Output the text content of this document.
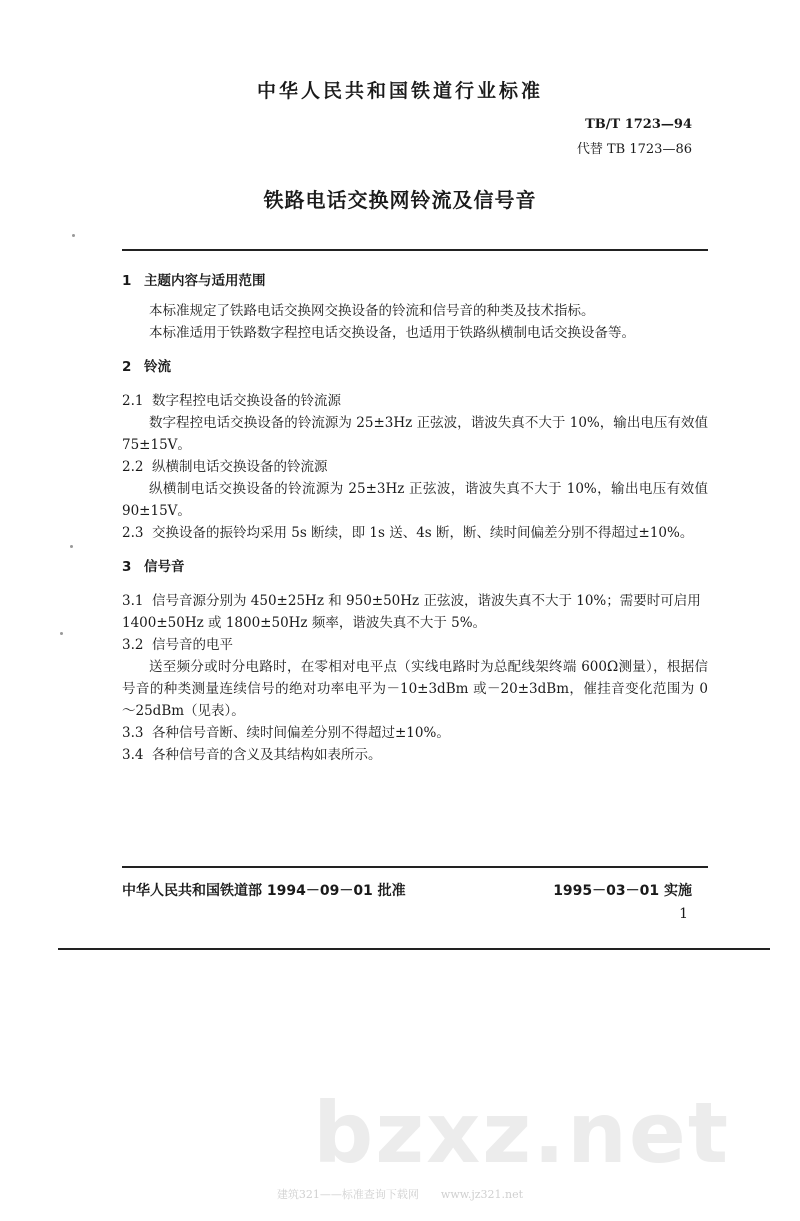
中华人民共和国铁道行业标准
TB/T 1723—94
代替 TB 1723—86
铁路电话交换网铃流及信号音

1 主题内容与适用范围

本标准规定了铁路电话交换网交换设备的铃流和信号音的种类及技术指标。

本标准适用于铁路数字程控电话交换设备，也适用于铁路纵横制电话交换设备等。

2 铃流

2.1 数字程控电话交换设备的铃流源

数字程控电话交换设备的铃流源为 25±3Hz 正弦波，谐波失真不大于 10%，输出电压有效值 75±15V。

2.2 纵横制电话交换设备的铃流源

纵横制电话交换设备的铃流源为 25±3Hz 正弦波，谐波失真不大于 10%，输出电压有效值 90±15V。

2.3 交换设备的振铃均采用 5s 断续，即 1s 送、4s 断，断、续时间偏差分别不得超过±10%。

3 信号音

3.1 信号音源分别为 450±25Hz 和 950±50Hz 正弦波，谐波失真不大于 10%；需要时可启用 1400±50Hz 或 1800±50Hz 频率，谐波失真不大于 5%。

3.2 信号音的电平

送至频分或时分电路时，在零相对电平点（实线电路时为总配线架终端 600Ω测量），根据信号音的种类测量连续信号的绝对功率电平为－10±3dBm 或－20±3dBm，催挂音变化范围为 0～25dBm（见表）。

3.3 各种信号音断、续时间偏差分别不得超过±10%。

3.4 各种信号音的含义及其结构如表所示。

中华人民共和国铁道部 1994－09－01 批准	1995－03－01 实施
1
bzxz.net
建筑321——标准查询下载网　　www.jz321.net
